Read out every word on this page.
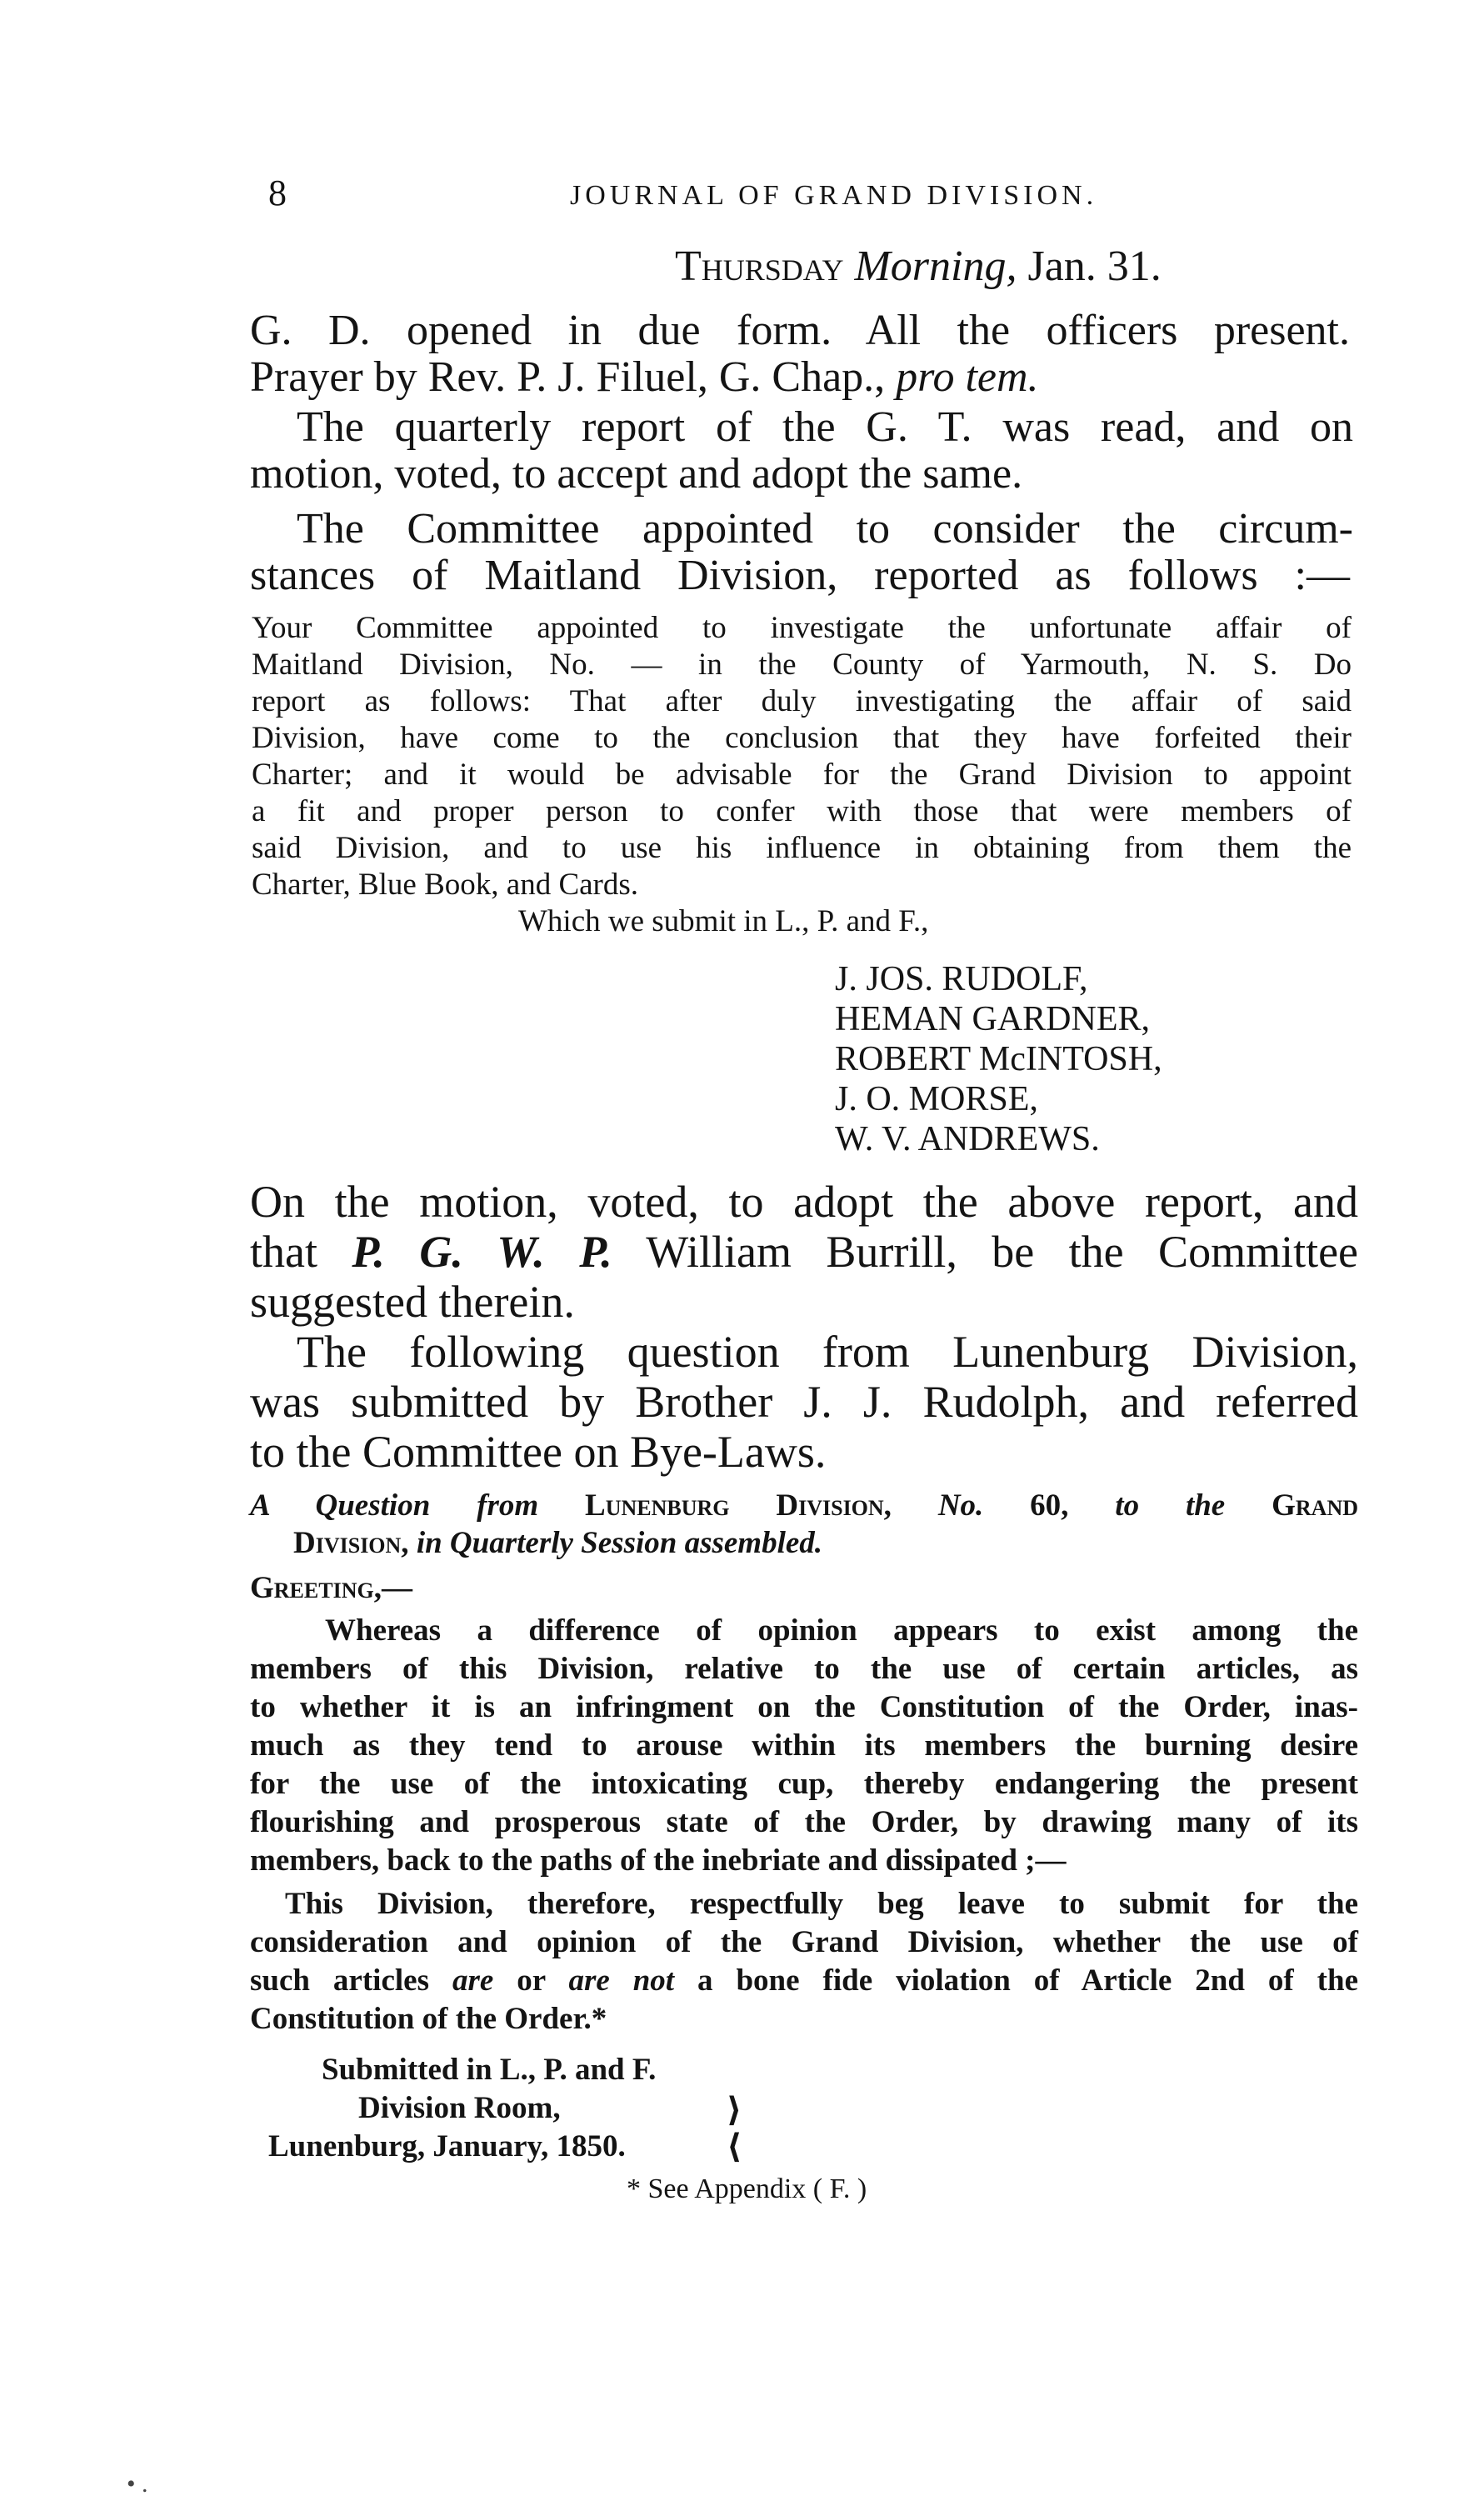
8	JOURNAL OF GRAND DIVISION.
Thursday Morning, Jan. 31.
G. D. opened in due form. All the officers present.
Prayer by Rev. P. J. Filuel, G. Chap., pro tem.
The quarterly report of the G. T. was read, and on
motion, voted, to accept and adopt the same.
The Committee appointed to consider the circum-
stances of Maitland Division, reported as follows :—
Your Committee appointed to investigate the unfortunate affair of
Maitland Division, No. — in the County of Yarmouth, N. S. Do
report as follows: That after duly investigating the affair of said
Division, have come to the conclusion that they have forfeited their
Charter; and it would be advisable for the Grand Division to appoint
a fit and proper person to confer with those that were members of
said Division, and to use his influence in obtaining from them the
Charter, Blue Book, and Cards.
Which we submit in L., P. and F.,
J. JOS. RUDOLF,
HEMAN GARDNER,
ROBERT McINTOSH,
J. O. MORSE,
W. V. ANDREWS.
On the motion, voted, to adopt the above report, and
that P. G. W. P. William Burrill, be the Committee
suggested therein.
The following question from Lunenburg Division,
was submitted by Brother J. J. Rudolph, and referred
to the Committee on Bye-Laws.
A Question from Lunenburg Division, No. 60, to the Grand
Division, in Quarterly Session assembled.
Greeting,—
Whereas a difference of opinion appears to exist among the
members of this Division, relative to the use of certain articles, as
to whether it is an infringment on the Constitution of the Order, inas-
much as they tend to arouse within its members the burning desire
for the use of the intoxicating cup, thereby endangering the present
flourishing and prosperous state of the Order, by drawing many of its
members, back to the paths of the inebriate and dissipated ;—
This Division, therefore, respectfully beg leave to submit for the
consideration and opinion of the Grand Division, whether the use of
such articles are or are not a bone fide violation of Article 2nd of the
Constitution of the Order.*
Submitted in L., P. and F.
Division Room,
Lunenburg, January, 1850.
⟩
⟨
* See Appendix ( F. )
• .
